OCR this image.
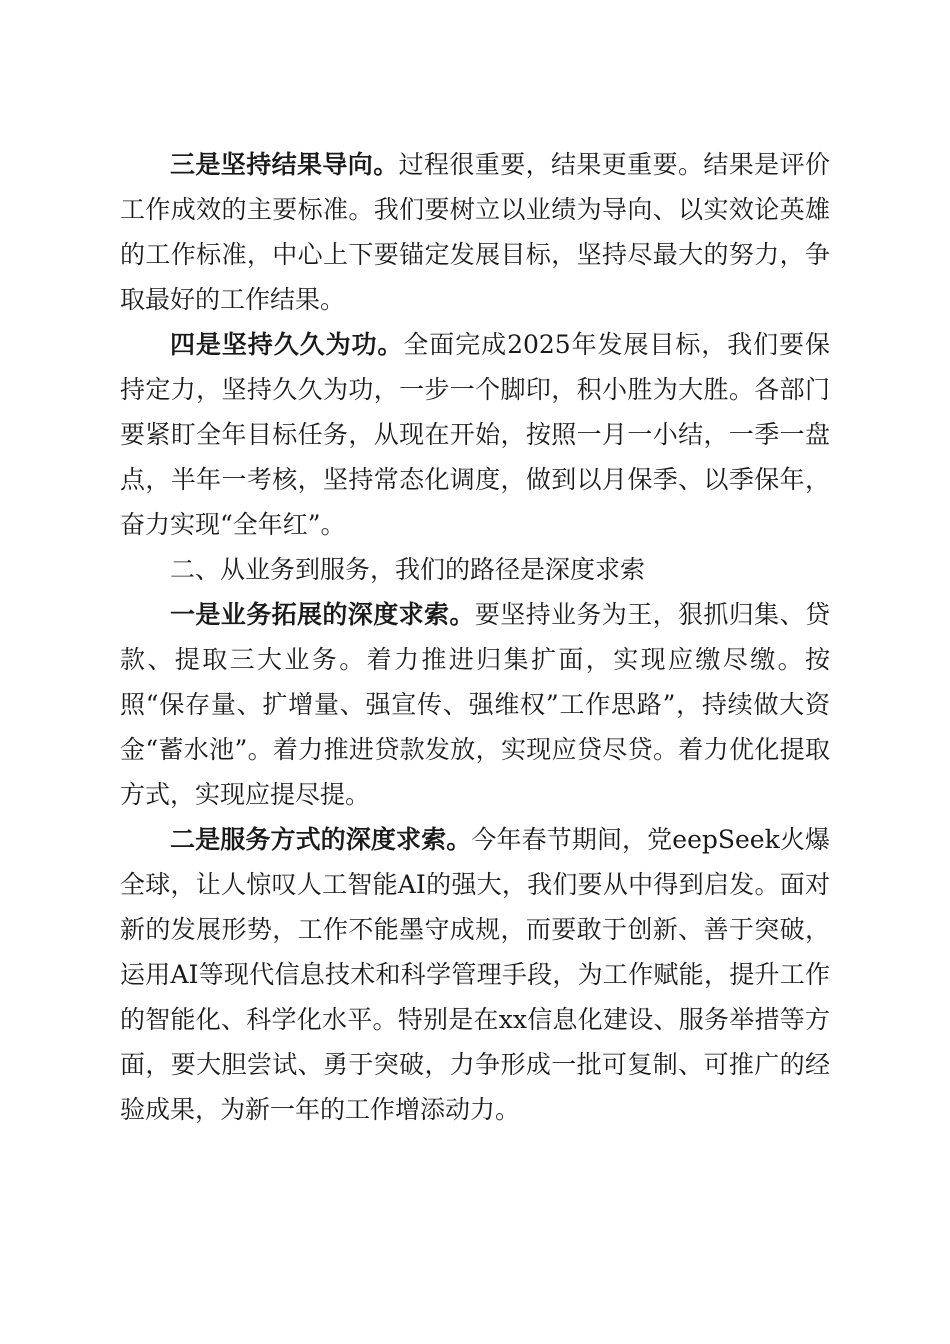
三是坚持结果导向。过程很重要，结果更重要。结果是评价工作成效的主要标准。我们要树立以业绩为导向、以实效论英雄的工作标准，中心上下要锚定发展目标，坚持尽最大的努力，争取最好的工作结果。

四是坚持久久为功。全面完成2025年发展目标，我们要保持定力，坚持久久为功，一步一个脚印，积小胜为大胜。各部门要紧盯全年目标任务，从现在开始，按照一月一小结，一季一盘点，半年一考核，坚持常态化调度，做到以月保季、以季保年，奋力实现“全年红”。

二、从业务到服务，我们的路径是深度求索

一是业务拓展的深度求索。要坚持业务为王，狠抓归集、贷款、提取三大业务。着力推进归集扩面，实现应缴尽缴。按照“保存量、扩增量、强宣传、强维权”工作思路”，持续做大资金“蓄水池”。着力推进贷款发放，实现应贷尽贷。着力优化提取方式，实现应提尽提。

二是服务方式的深度求索。今年春节期间，党eepSeek火爆全球，让人惊叹人工智能AI的强大，我们要从中得到启发。面对新的发展形势，工作不能墨守成规，而要敢于创新、善于突破，运用AI等现代信息技术和科学管理手段，为工作赋能，提升工作的智能化、科学化水平。特别是在xx信息化建设、服务举措等方面，要大胆尝试、勇于突破，力争形成一批可复制、可推广的经验成果，为新一年的工作增添动力。
